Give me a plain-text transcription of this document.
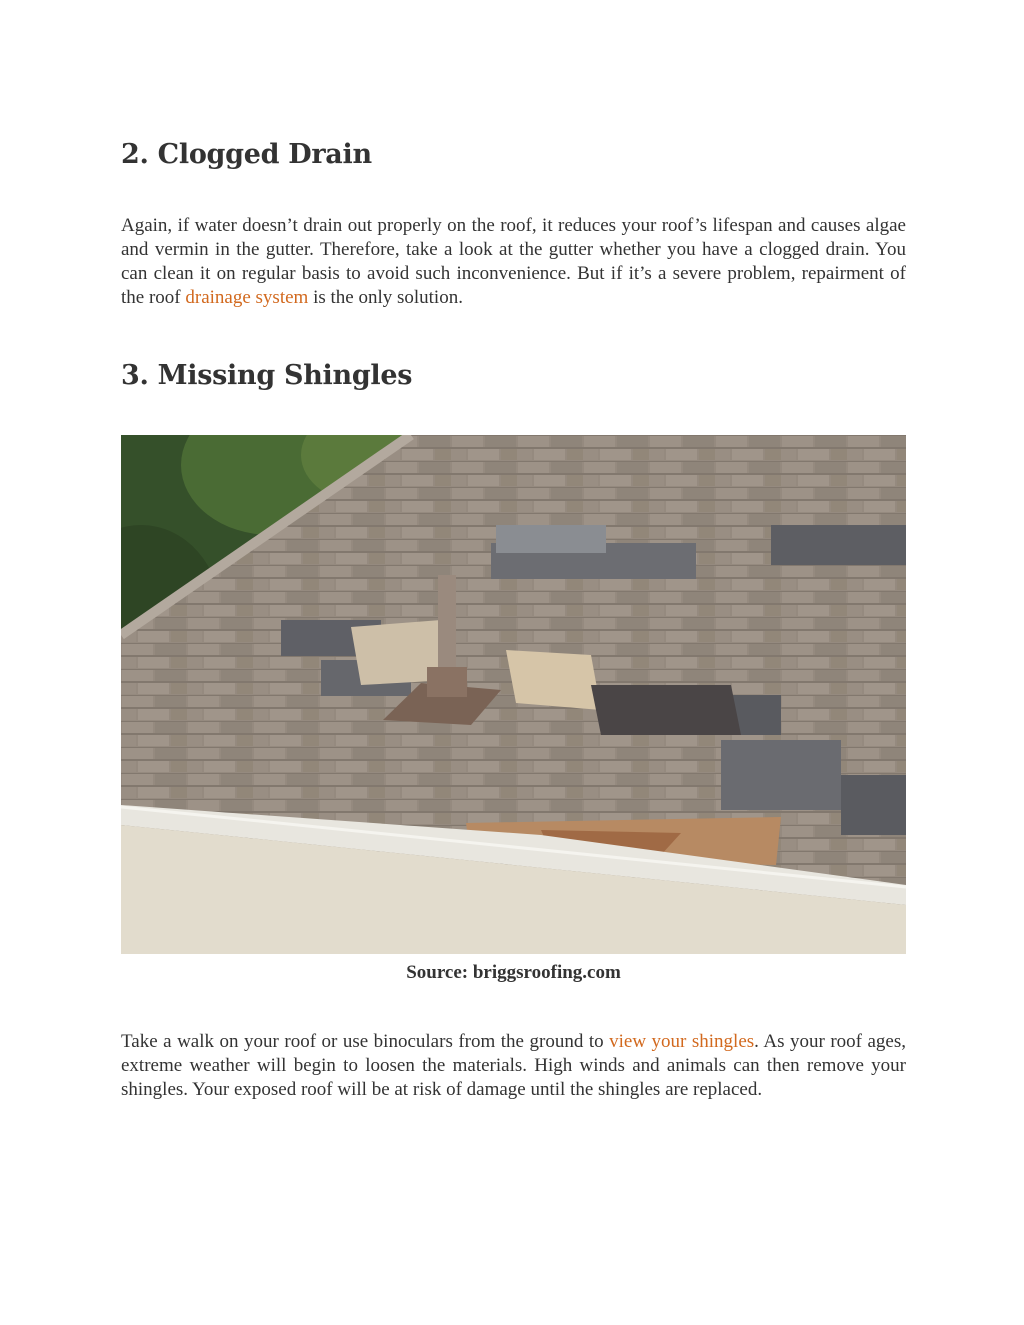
2. Clogged Drain

Again, if water doesn’t drain out properly on the roof, it reduces your roof’s lifespan and causes algae and vermin in the gutter. Therefore, take a look at the gutter whether you have a clogged drain. You can clean it on regular basis to avoid such inconvenience. But if it’s a severe problem, repairment of the roof drainage system is the only solution.

3. Missing Shingles
Source: briggsroofing.com

Take a walk on your roof or use binoculars from the ground to view your shingles. As your roof ages, extreme weather will begin to loosen the materials. High winds and animals can then remove your shingles. Your exposed roof will be at risk of damage until the shingles are replaced.
